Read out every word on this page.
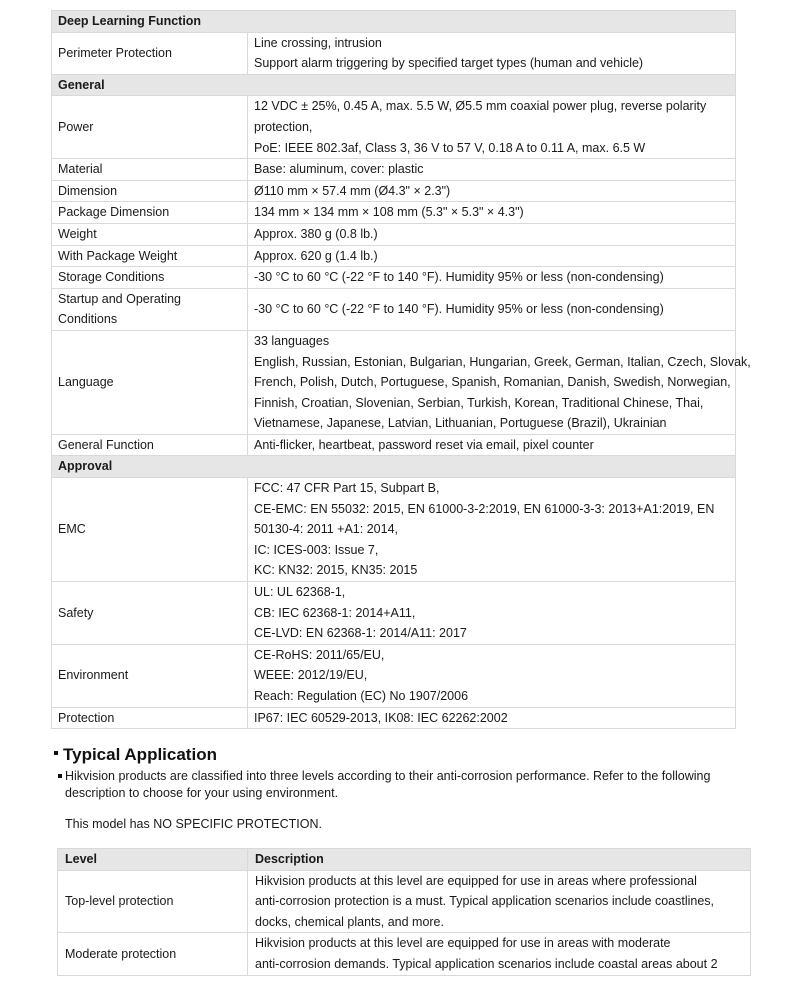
Deep Learning Function	

Perimeter Protection	Line crossing, intrusion
Support alarm triggering by specified target types (human and vehicle)

General	

Power	12 VDC ± 25%, 0.45 A, max. 5.5 W, Ø5.5 mm coaxial power plug, reverse polarity
protection,
PoE: IEEE 802.3af, Class 3, 36 V to 57 V, 0.18 A to 0.11 A, max. 6.5 W

Material	Base: aluminum, cover: plastic

Dimension	Ø110 mm × 57.4 mm (Ø4.3" × 2.3")

Package Dimension	134 mm × 134 mm × 108 mm (5.3" × 5.3" × 4.3")

Weight	Approx. 380 g (0.8 lb.)

With Package Weight	Approx. 620 g (1.4 lb.)

Storage Conditions	-30 °C to 60 °C (-22 °F to 140 °F). Humidity 95% or less (non-condensing)

Startup and Operating
Conditions	-30 °C to 60 °C (-22 °F to 140 °F). Humidity 95% or less (non-condensing)

Language	33 languages
English, Russian, Estonian, Bulgarian, Hungarian, Greek, German, Italian, Czech, Slovak,
French, Polish, Dutch, Portuguese, Spanish, Romanian, Danish, Swedish, Norwegian,
Finnish, Croatian, Slovenian, Serbian, Turkish, Korean, Traditional Chinese, Thai,
Vietnamese, Japanese, Latvian, Lithuanian, Portuguese (Brazil), Ukrainian

General Function	Anti-flicker, heartbeat, password reset via email, pixel counter

Approval	

EMC	FCC: 47 CFR Part 15, Subpart B,
CE-EMC: EN 55032: 2015, EN 61000-3-2:2019, EN 61000-3-3: 2013+A1:2019, EN
50130-4: 2011 +A1: 2014,
IC: ICES-003: Issue 7,
KC: KN32: 2015, KN35: 2015

Safety	UL: UL 62368-1,
CB: IEC 62368-1: 2014+A11,
CE-LVD: EN 62368-1: 2014/A11: 2017

Environment	CE-RoHS: 2011/65/EU,
WEEE: 2012/19/EU,
Reach: Regulation (EC) No 1907/2006

Protection	IP67: IEC 60529-2013, IK08: IEC 62262:2002
Typical Application
Hikvision products are classified into three levels according to their anti-corrosion performance. Refer to the following
description to choose for your using environment.
This model has NO SPECIFIC PROTECTION.
Level	Description
Top-level protection	Hikvision products at this level are equipped for use in areas where professional
anti-corrosion protection is a must. Typical application scenarios include coastlines,
docks, chemical plants, and more.

Moderate protection	Hikvision products at this level are equipped for use in areas with moderate
anti-corrosion demands. Typical application scenarios include coastal areas about 2
